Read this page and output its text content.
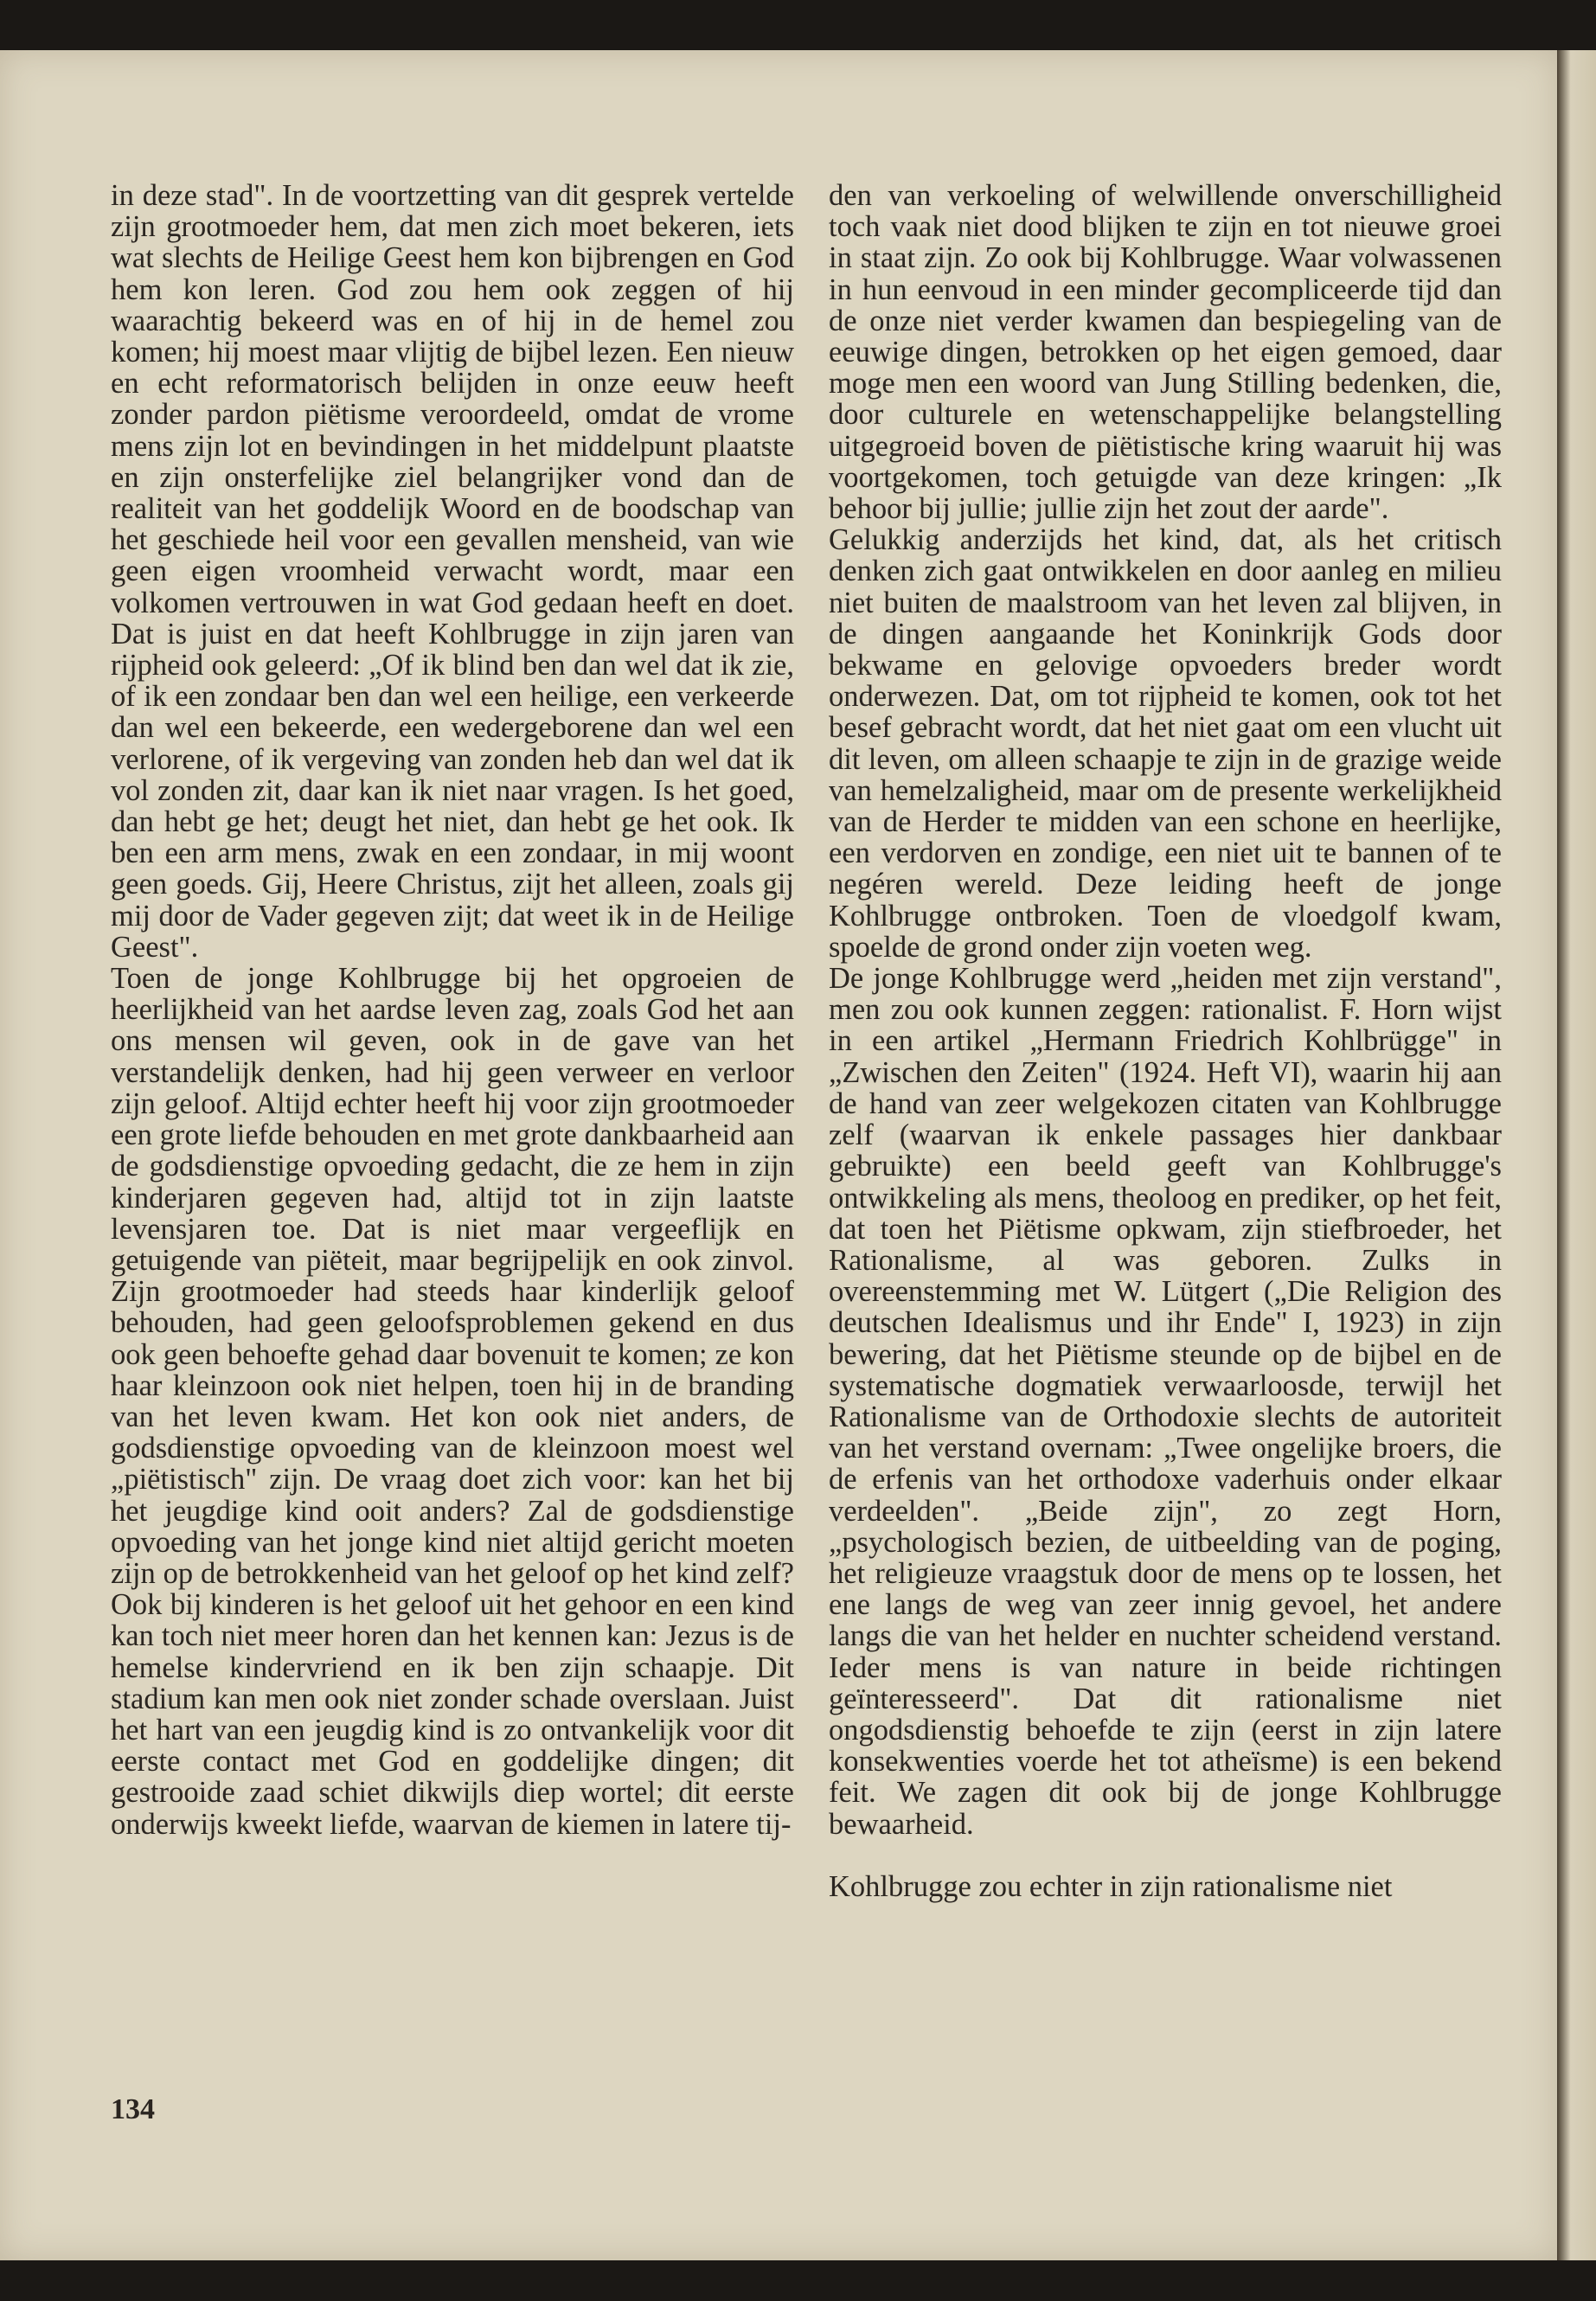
in deze stad". In de voortzetting van dit gesprek vertelde zijn grootmoeder hem, dat men zich moet bekeren, iets wat slechts de Heilige Geest hem kon bijbrengen en God hem kon leren. God zou hem ook zeggen of hij waarachtig bekeerd was en of hij in de hemel zou komen; hij moest maar vlijtig de bijbel lezen. Een nieuw en echt reformatorisch belijden in onze eeuw heeft zonder pardon piëtisme veroordeeld, omdat de vrome mens zijn lot en bevindingen in het middelpunt plaatste en zijn onsterfelijke ziel belangrijker vond dan de realiteit van het goddelijk Woord en de boodschap van het geschiede heil voor een gevallen mensheid, van wie geen eigen vroomheid verwacht wordt, maar een volkomen vertrouwen in wat God gedaan heeft en doet. Dat is juist en dat heeft Kohlbrugge in zijn jaren van rijpheid ook geleerd: „Of ik blind ben dan wel dat ik zie, of ik een zondaar ben dan wel een heilige, een verkeerde dan wel een bekeerde, een wedergeborene dan wel een verlorene, of ik vergeving van zonden heb dan wel dat ik vol zonden zit, daar kan ik niet naar vragen. Is het goed, dan hebt ge het; deugt het niet, dan hebt ge het ook. Ik ben een arm mens, zwak en een zondaar, in mij woont geen goeds. Gij, Heere Christus, zijt het alleen, zoals gij mij door de Vader gegeven zijt; dat weet ik in de Heilige Geest".

Toen de jonge Kohlbrugge bij het opgroeien de heerlijkheid van het aardse leven zag, zoals God het aan ons mensen wil geven, ook in de gave van het verstandelijk denken, had hij geen verweer en verloor zijn geloof. Altijd echter heeft hij voor zijn grootmoeder een grote liefde behouden en met grote dankbaarheid aan de godsdienstige opvoeding gedacht, die ze hem in zijn kinderjaren gegeven had, altijd tot in zijn laatste levensjaren toe. Dat is niet maar vergeeflijk en getuigende van piëteit, maar begrijpelijk en ook zinvol. Zijn grootmoeder had steeds haar kinderlijk geloof behouden, had geen geloofsproblemen gekend en dus ook geen behoefte gehad daar bovenuit te komen; ze kon haar kleinzoon ook niet helpen, toen hij in de branding van het leven kwam. Het kon ook niet anders, de godsdienstige opvoeding van de kleinzoon moest wel „piëtistisch" zijn. De vraag doet zich voor: kan het bij het jeugdige kind ooit anders? Zal de godsdienstige opvoeding van het jonge kind niet altijd gericht moeten zijn op de betrokkenheid van het geloof op het kind zelf? Ook bij kinderen is het geloof uit het gehoor en een kind kan toch niet meer horen dan het kennen kan: Jezus is de hemelse kindervriend en ik ben zijn schaapje. Dit stadium kan men ook niet zonder schade overslaan. Juist het hart van een jeugdig kind is zo ontvankelijk voor dit eerste contact met God en goddelijke dingen; dit gestrooide zaad schiet dikwijls diep wortel; dit eerste onderwijs kweekt liefde, waarvan de kiemen in latere tij-

den van verkoeling of welwillende onverschilligheid toch vaak niet dood blijken te zijn en tot nieuwe groei in staat zijn. Zo ook bij Kohlbrugge. Waar volwassenen in hun eenvoud in een minder gecompliceerde tijd dan de onze niet verder kwamen dan bespiegeling van de eeuwige dingen, betrokken op het eigen gemoed, daar moge men een woord van Jung Stilling bedenken, die, door culturele en wetenschappelijke belangstelling uitgegroeid boven de piëtistische kring waaruit hij was voortgekomen, toch getuigde van deze kringen: „Ik behoor bij jullie; jullie zijn het zout der aarde".

Gelukkig anderzijds het kind, dat, als het critisch denken zich gaat ontwikkelen en door aanleg en milieu niet buiten de maalstroom van het leven zal blijven, in de dingen aangaande het Koninkrijk Gods door bekwame en gelovige opvoeders breder wordt onderwezen. Dat, om tot rijpheid te komen, ook tot het besef gebracht wordt, dat het niet gaat om een vlucht uit dit leven, om alleen schaapje te zijn in de grazige weide van hemelzaligheid, maar om de presente werkelijkheid van de Herder te midden van een schone en heerlijke, een verdorven en zondige, een niet uit te bannen of te negéren wereld. Deze leiding heeft de jonge Kohlbrugge ontbroken. Toen de vloedgolf kwam, spoelde de grond onder zijn voeten weg.

De jonge Kohlbrugge werd „heiden met zijn verstand", men zou ook kunnen zeggen: rationalist. F. Horn wijst in een artikel „Hermann Friedrich Kohlbrügge" in „Zwischen den Zeiten" (1924. Heft VI), waarin hij aan de hand van zeer welgekozen citaten van Kohlbrugge zelf (waarvan ik enkele passages hier dankbaar gebruikte) een beeld geeft van Kohlbrugge's ontwikkeling als mens, theoloog en prediker, op het feit, dat toen het Piëtisme opkwam, zijn stiefbroeder, het Rationalisme, al was geboren. Zulks in overeenstemming met W. Lütgert („Die Religion des deutschen Idealismus und ihr Ende" I, 1923) in zijn bewering, dat het Piëtisme steunde op de bijbel en de systematische dogmatiek verwaarloosde, terwijl het Rationalisme van de Orthodoxie slechts de autoriteit van het verstand overnam: „Twee ongelijke broers, die de erfenis van het orthodoxe vaderhuis onder elkaar verdeelden". „Beide zijn", zo zegt Horn, „psychologisch bezien, de uitbeelding van de poging, het religieuze vraagstuk door de mens op te lossen, het ene langs de weg van zeer innig gevoel, het andere langs die van het helder en nuchter scheidend verstand. Ieder mens is van nature in beide richtingen geïnteresseerd". Dat dit rationalisme niet ongodsdienstig behoefde te zijn (eerst in zijn latere konsekwenties voerde het tot atheïsme) is een bekend feit. We zagen dit ook bij de jonge Kohlbrugge bewaarheid.

Kohlbrugge zou echter in zijn rationalisme niet

134
